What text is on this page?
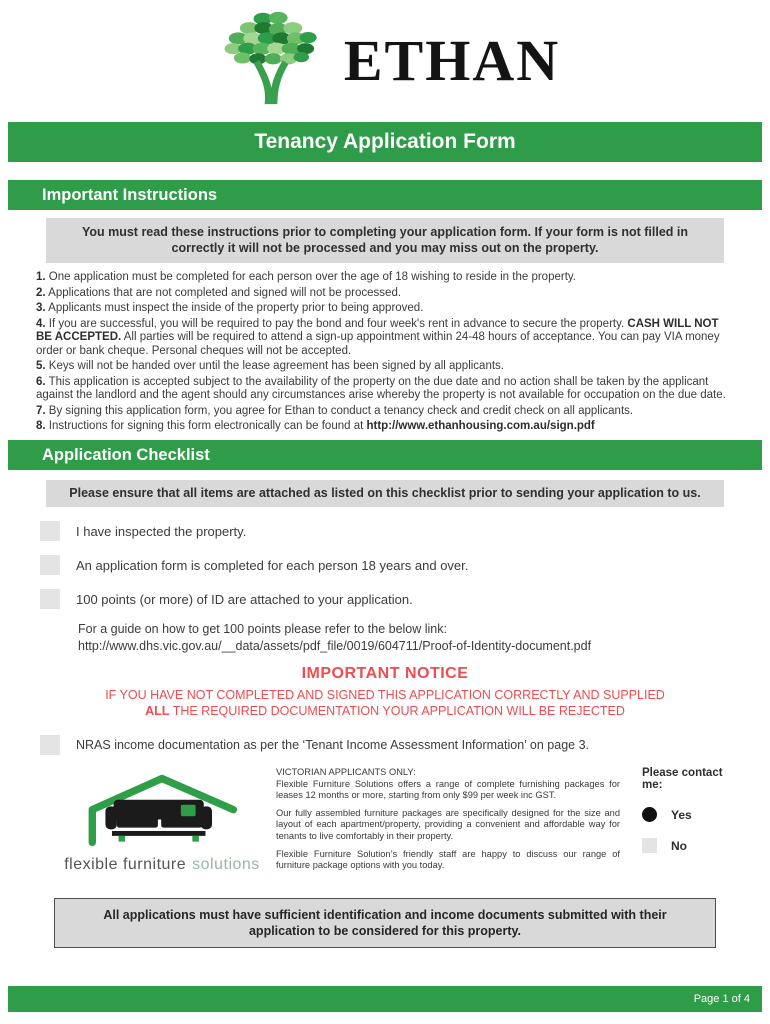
ETHAN
Tenancy Application Form
Important Instructions
You must read these instructions prior to completing your application form. If your form is not filled in correctly it will not be processed and you may miss out on the property.
1. One application must be completed for each person over the age of 18 wishing to reside in the property.
2. Applications that are not completed and signed will not be processed.
3. Applicants must inspect the inside of the property prior to being approved.
4. If you are successful, you will be required to pay the bond and four week's rent in advance to secure the property. CASH WILL NOT BE ACCEPTED. All parties will be required to attend a sign-up appointment within 24-48 hours of acceptance. You can pay VIA money order or bank cheque. Personal cheques will not be accepted.
5. Keys will not be handed over until the lease agreement has been signed by all applicants.
6. This application is accepted subject to the availability of the property on the due date and no action shall be taken by the applicant against the landlord and the agent should any circumstances arise whereby the property is not available for occupation on the due date.
7. By signing this application form, you agree for Ethan to conduct a tenancy check and credit check on all applicants.
8. Instructions for signing this form electronically can be found at http://www.ethanhousing.com.au/sign.pdf
Application Checklist
Please ensure that all items are attached as listed on this checklist prior to sending your application to us.
I have inspected the property.
An application form is completed for each person 18 years and over.
100 points (or more) of ID are attached to your application.
For a guide on how to get 100 points please refer to the below link:
http://www.dhs.vic.gov.au/__data/assets/pdf_file/0019/604711/Proof-of-Identity-document.pdf
IMPORTANT NOTICE
IF YOU HAVE NOT COMPLETED AND SIGNED THIS APPLICATION CORRECTLY AND SUPPLIED
ALL THE REQUIRED DOCUMENTATION YOUR APPLICATION WILL BE REJECTED
NRAS income documentation as per the ‘Tenant Income Assessment Information’ on page 3.
flexible furniture solutions

VICTORIAN APPLICANTS ONLY:
Flexible Furniture Solutions offers a range of complete furnishing packages for leases 12 months or more, starting from only $99 per week inc GST.

Our fully assembled furniture packages are specifically designed for the size and layout of each apartment/property, providing a convenient and affordable way for tenants to live comfortably in their property.

Flexible Furniture Solution’s friendly staff are happy to discuss our range of furniture package options with you today.

Please contact me:
Yes
No
All applications must have sufficient identification and income documents submitted with their application to be considered for this property.
Page 1 of 4
